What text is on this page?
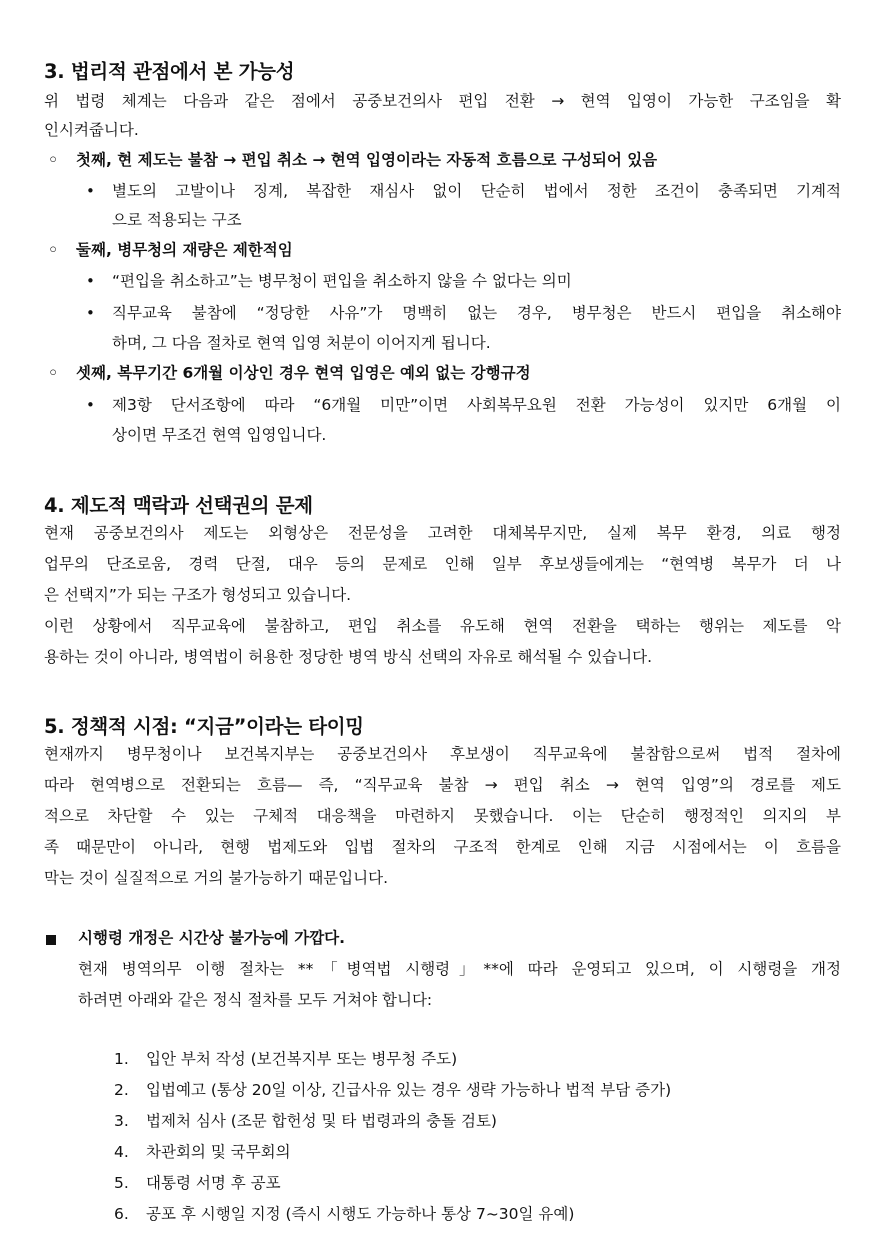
3. 법리적 관점에서 본 가능성
위 법령 체계는 다음과 같은 점에서 공중보건의사 편입 전환 → 현역 입영이 가능한 구조임을 확
인시켜줍니다.
◦ 첫째, 현 제도는 불참 → 편입 취소 → 현역 입영이라는 자동적 흐름으로 구성되어 있음
• 별도의 고발이나 징계, 복잡한 재심사 없이 단순히 법에서 정한 조건이 충족되면 기계적
으로 적용되는 구조
◦ 둘째, 병무청의 재량은 제한적임
• “편입을 취소하고”는 병무청이 편입을 취소하지 않을 수 없다는 의미
• 직무교육 불참에 “정당한 사유”가 명백히 없는 경우, 병무청은 반드시 편입을 취소해야
하며, 그 다음 절차로 현역 입영 처분이 이어지게 됩니다.
◦ 셋째, 복무기간 6개월 이상인 경우 현역 입영은 예외 없는 강행규정
• 제3항 단서조항에 따라 “6개월 미만”이면 사회복무요원 전환 가능성이 있지만 6개월 이
상이면 무조건 현역 입영입니다.
4. 제도적 맥락과 선택권의 문제
현재 공중보건의사 제도는 외형상은 전문성을 고려한 대체복무지만, 실제 복무 환경, 의료 행정
업무의 단조로움, 경력 단절, 대우 등의 문제로 인해 일부 후보생들에게는 “현역병 복무가 더 나
은 선택지”가 되는 구조가 형성되고 있습니다.
이런 상황에서 직무교육에 불참하고, 편입 취소를 유도해 현역 전환을 택하는 행위는 제도를 악
용하는 것이 아니라, 병역법이 허용한 정당한 병역 방식 선택의 자유로 해석될 수 있습니다.
5. 정책적 시점: “지금”이라는 타이밍
현재까지 병무청이나 보건복지부는 공중보건의사 후보생이 직무교육에 불참함으로써 법적 절차에
따라 현역병으로 전환되는 흐름— 즉, “직무교육 불참 → 편입 취소 → 현역 입영”의 경로를 제도
적으로 차단할 수 있는 구체적 대응책을 마련하지 못했습니다. 이는 단순히 행정적인 의지의 부
족 때문만이 아니라, 현행 법제도와 입법 절차의 구조적 한계로 인해 지금 시점에서는 이 흐름을
막는 것이 실질적으로 거의 불가능하기 때문입니다.
시행령 개정은 시간상 불가능에 가깝다.
현재 병역의무 이행 절차는 **「병역법 시행령」**에 따라 운영되고 있으며, 이 시행령을 개정
하려면 아래와 같은 정식 절차를 모두 거쳐야 합니다:
1. 입안 부처 작성 (보건복지부 또는 병무청 주도)
2. 입법예고 (통상 20일 이상, 긴급사유 있는 경우 생략 가능하나 법적 부담 증가)
3. 법제처 심사 (조문 합헌성 및 타 법령과의 충돌 검토)
4. 차관회의 및 국무회의
5. 대통령 서명 후 공포
6. 공포 후 시행일 지정 (즉시 시행도 가능하나 통상 7~30일 유예)
